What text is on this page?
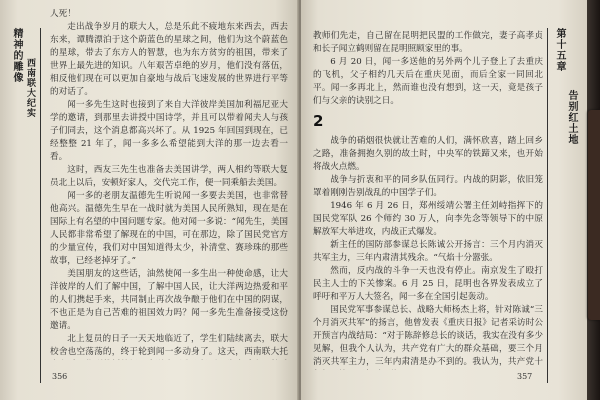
精神的雕像
西南联大纪实

人死！

走出战争岁月的联大人，总是乐此不疲地东来西去，西去东来，谭腾漂泊于这个蔚蓝色的星球之间，他们为这个蔚蓝色的星球，带去了东方人的智慧，也为东方贫穷的祖国，带来了世界上最先进的知识。八年艰苦卓绝的岁月，他们没有落伍，相反他们现在可以更加自豪地与战后飞速发展的世界进行平等的对话了。

闻一多先生这时也接到了来自大洋彼岸美国加利福尼亚大学的邀请，到那里去讲授中国诗学，并且可以带着闻夫人与孩子们同去，这个消息都高兴坏了。从 1925 年回国到现在，已经整整 21 年了，闻一多多么希望能到大洋的那一边去看一看。

这时，西友三先生也准备去美国讲学，两人相约等联大复员北上以后，安顿好家人，交代完工作，便一同乘船去美国。

闻一多的老朋友温德先生听说闻一多要去美国，也非常替他高兴。温德先生早在一战时就为美国人民所熟知，现在是在国际上有名望的中国问题专家。他对闻一多说：“闻先生，美国人民都非常希望了解现在的中国，可在那边，除了国民党官方的少量宣传，我们对中国知道得太少，补清堂、赛珍珠的那些故事，已经老掉牙了。”

美国朋友的这些话，油然使闻一多生出一种使命感，让大洋彼岸的人们了解中国，了解中国人民，让大洋两边热爱和平的人们携起手来，共同制止再次战争酿于他们在中国的阴谋，不也正是为自己苦难的祖国效力吗？闻一多先生准备接受这份邀请。

北上复员的日子一天天地临近了，学生们陆续离去，联大校舍也空荡荡的，终于轮到闻一多动身了。这天，西南联大托

356

教师们先走，自己留在昆明把民盟的工作做完，妻子高孝贞和长子闻立鹤则留在昆明照顾家里的事。

6 月 20 日，闻一多送他的另外两个儿子登上了去重庆的飞机，父子相约几天后在重庆见面，而后全家一同回北平。闻一多再北上，然而谁也没有想到，这一天，竟是孩子们与父亲的诀别之日。

2

战争的硝烟很快就让苦难的人们，满怀欣喜，踏上回乡之路，准备拥抱久别的故土时，中央军的铁蹄又来，也开始将战火点燃。

战争与折衷和平的同乡队伍同行。内战的阴影，依旧笼罩着刚刚告别战乱的中国学子们。

1946 年 6 月 26 日，郑州绥靖公署主任刘峙指挥下的国民党军队 26 个师约 30 万人，向李先念等领导下的中原解放军大举进攻，内战正式爆发。

新主任的国防部参谋总长陈诚公开扬言：三个月内消灭共军主力，三年内肃清其残余。“气焰十分嚣张。

然而，反内战的斗争一天也没有停止。南京发生了殴打民主人士的下关惨案。6 月 25 日，昆明也各界发表成立了呼吁和平万人大签名，闻一多在全国引起轰动。

国民党军事参谋总长、战略大师杨杰上将，针对陈诚“三个月消灭共军”的扬言，他曾发表《重庆日报》记者采访时公开预言内战结局：“对于陈辞修总长的谈话，我实在没有多少见解，但我个人认为，共产党有广大的群众基础，要三个月消灭共军主力，三年内肃清是办不到的。我认为，共产党十

第十五章
告别红土地
357
